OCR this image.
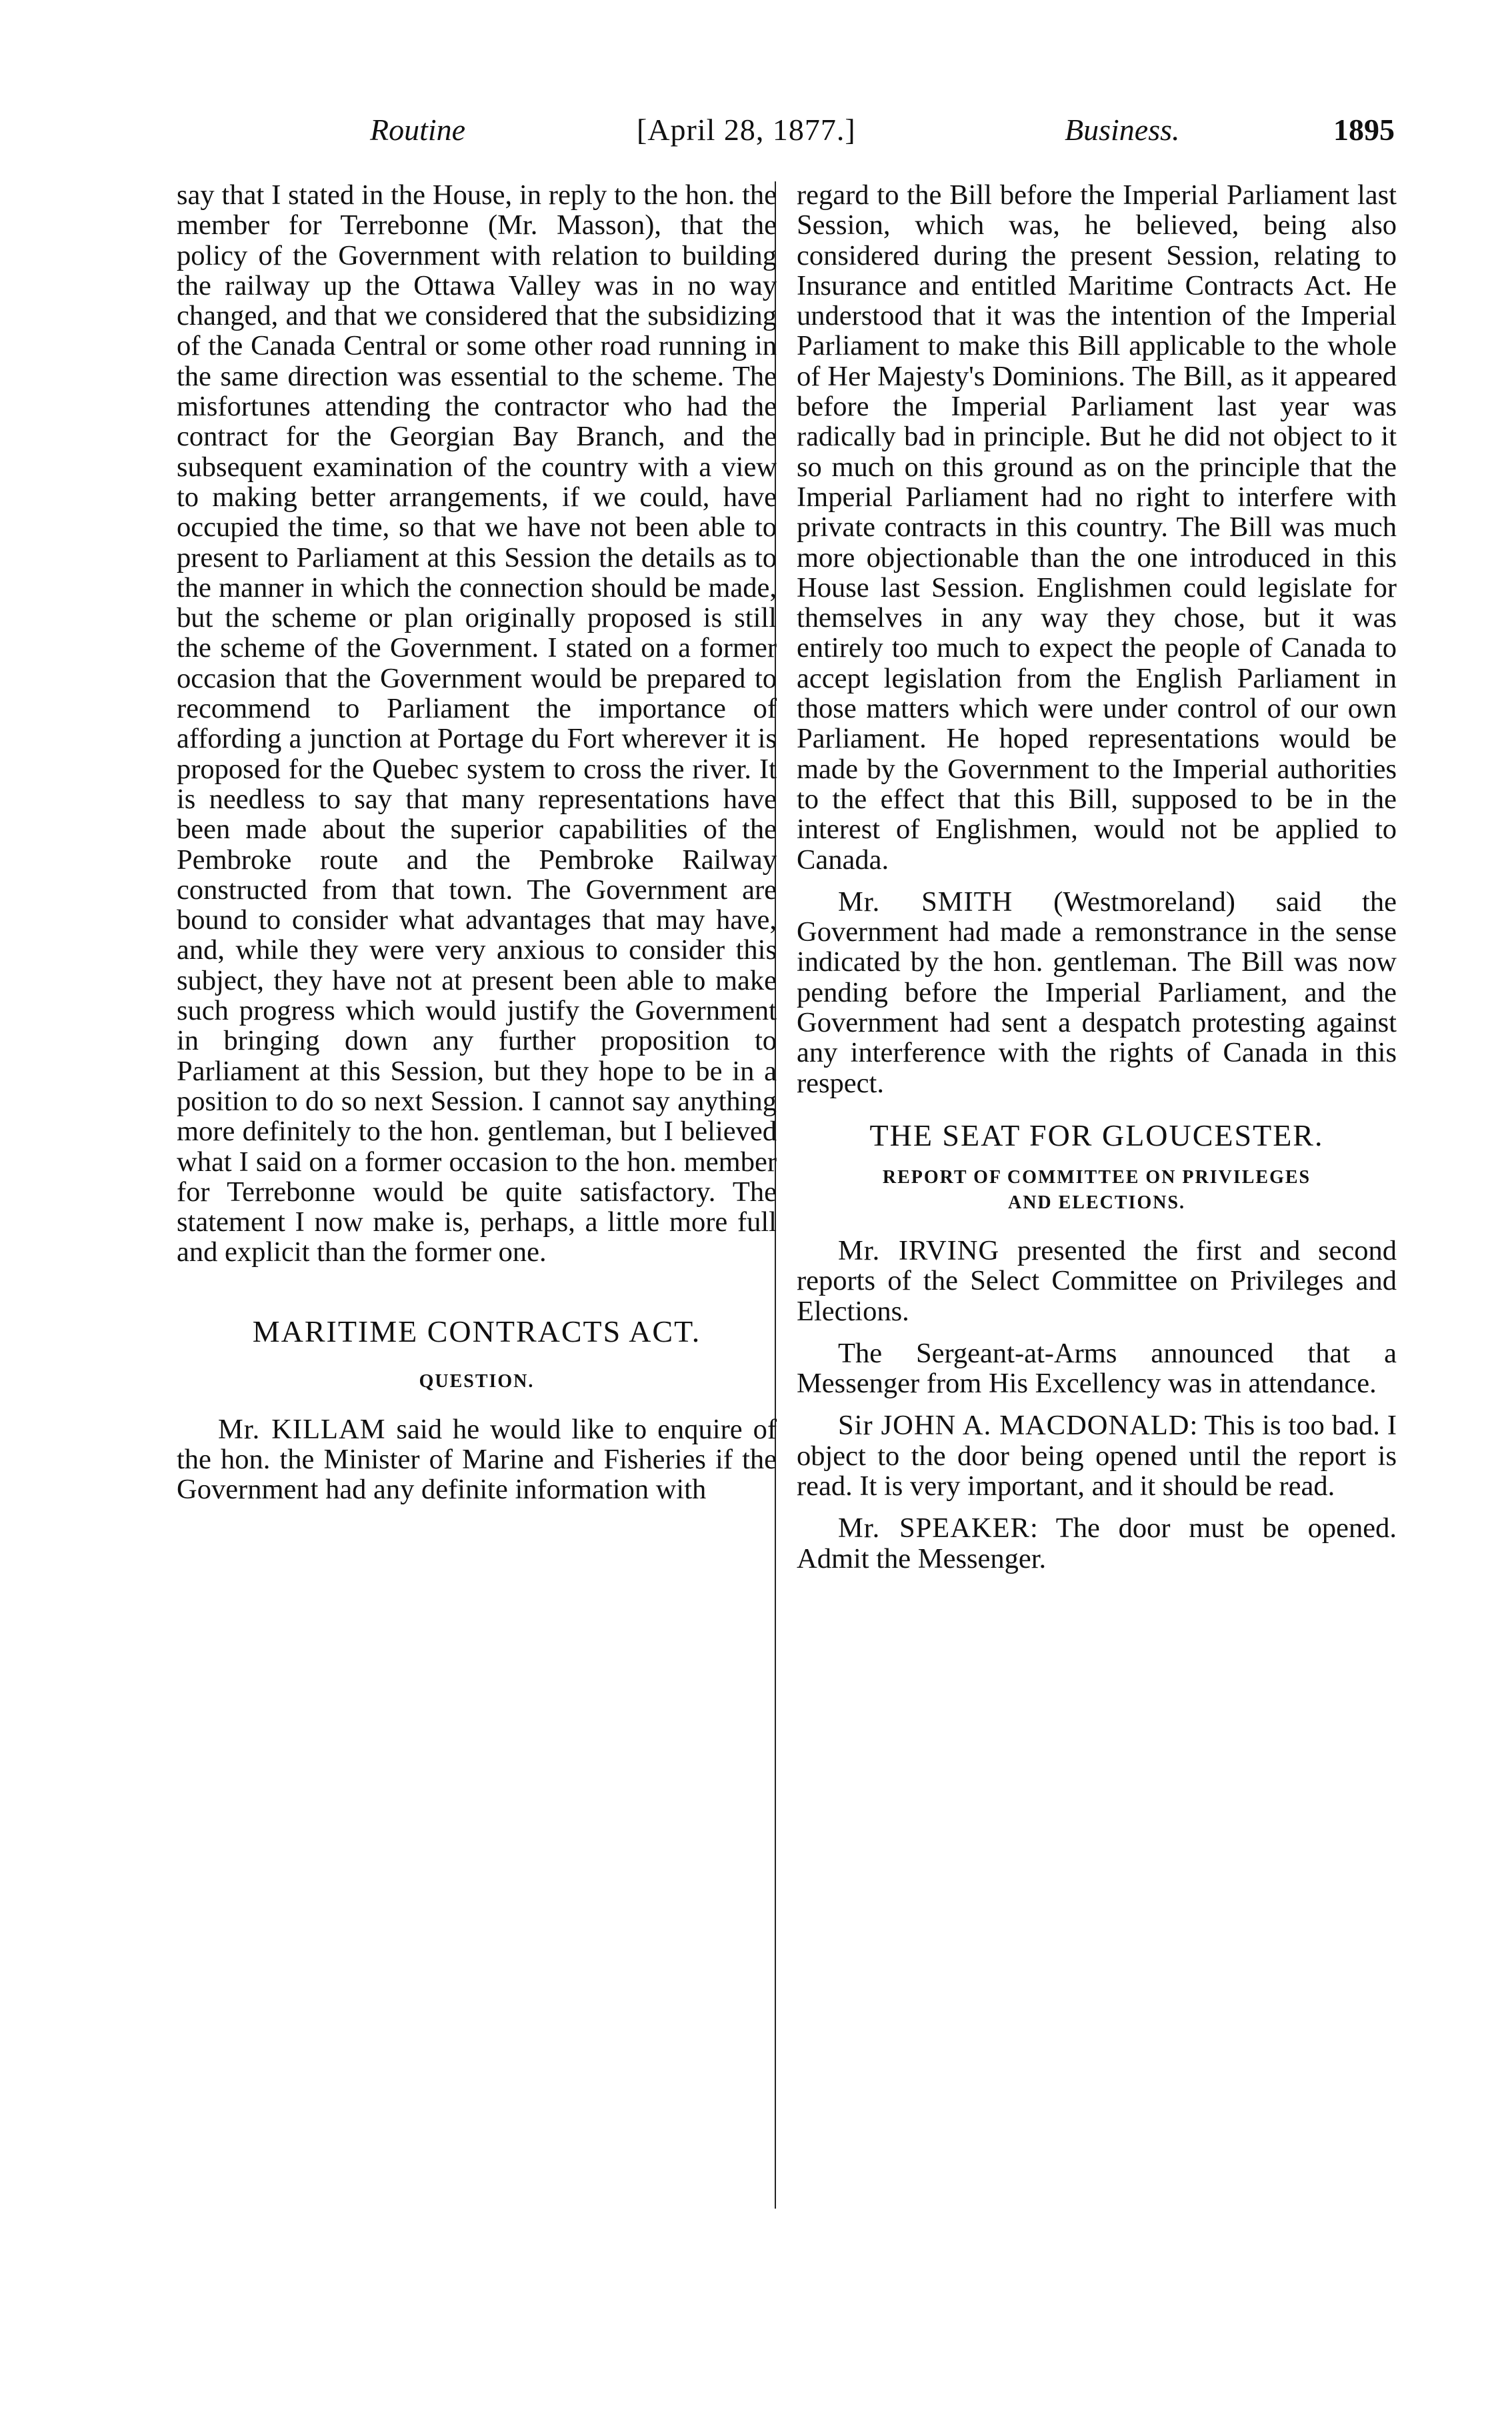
Routine	[April 28, 1877.]	Business.	1895

say that I stated in the House, in reply to the hon. the member for Terrebonne (Mr. Masson), that the policy of the Government with relation to building the railway up the Ottawa Valley was in no way changed, and that we considered that the subsidizing of the Canada Central or some other road running in the same direction was essential to the scheme. The misfortunes attending the contractor who had the contract for the Georgian Bay Branch, and the subsequent examination of the country with a view to making better arrangements, if we could, have occupied the time, so that we have not been able to present to Parliament at this Session the details as to the manner in which the connection should be made, but the scheme or plan originally proposed is still the scheme of the Government. I stated on a former occasion that the Government would be prepared to recommend to Parliament the importance of affording a junction at Portage du Fort wherever it is proposed for the Quebec system to cross the river. It is needless to say that many representations have been made about the superior capabilities of the Pembroke route and the Pembroke Railway constructed from that town. The Government are bound to consider what advantages that may have, and, while they were very anxious to consider this subject, they have not at present been able to make such progress which would justify the Government in bringing down any further proposition to Parliament at this Session, but they hope to be in a position to do so next Session. I cannot say anything more definitely to the hon. gentleman, but I believed what I said on a former occasion to the hon. member for Terrebonne would be quite satisfactory. The statement I now make is, perhaps, a little more full and explicit than the former one.

MARITIME CONTRACTS ACT.
QUESTION.

Mr. KILLAM said he would like to enquire of the hon. the Minister of Marine and Fisheries if the Government had any definite information with

regard to the Bill before the Imperial Parliament last Session, which was, he believed, being also considered during the present Session, relating to Insurance and entitled Maritime Contracts Act. He understood that it was the intention of the Imperial Parliament to make this Bill applicable to the whole of Her Majesty's Dominions. The Bill, as it appeared before the Imperial Parliament last year was radically bad in principle. But he did not object to it so much on this ground as on the principle that the Imperial Parliament had no right to interfere with private contracts in this country. The Bill was much more objectionable than the one introduced in this House last Session. Englishmen could legislate for themselves in any way they chose, but it was entirely too much to expect the people of Canada to accept legislation from the English Parliament in those matters which were under control of our own Parliament. He hoped representations would be made by the Government to the Imperial authorities to the effect that this Bill, supposed to be in the interest of Englishmen, would not be applied to Canada.

Mr. SMITH (Westmoreland) said the Government had made a remonstrance in the sense indicated by the hon. gentleman. The Bill was now pending before the Imperial Parliament, and the Government had sent a despatch protesting against any interference with the rights of Canada in this respect.

THE SEAT FOR GLOUCESTER.
REPORT OF COMMITTEE ON PRIVILEGES
AND ELECTIONS.

Mr. IRVING presented the first and second reports of the Select Committee on Privileges and Elections.

The Sergeant-at-Arms announced that a Messenger from His Excellency was in attendance.

Sir JOHN A. MACDONALD: This is too bad. I object to the door being opened until the report is read. It is very important, and it should be read.

Mr. SPEAKER: The door must be opened. Admit the Messenger.
